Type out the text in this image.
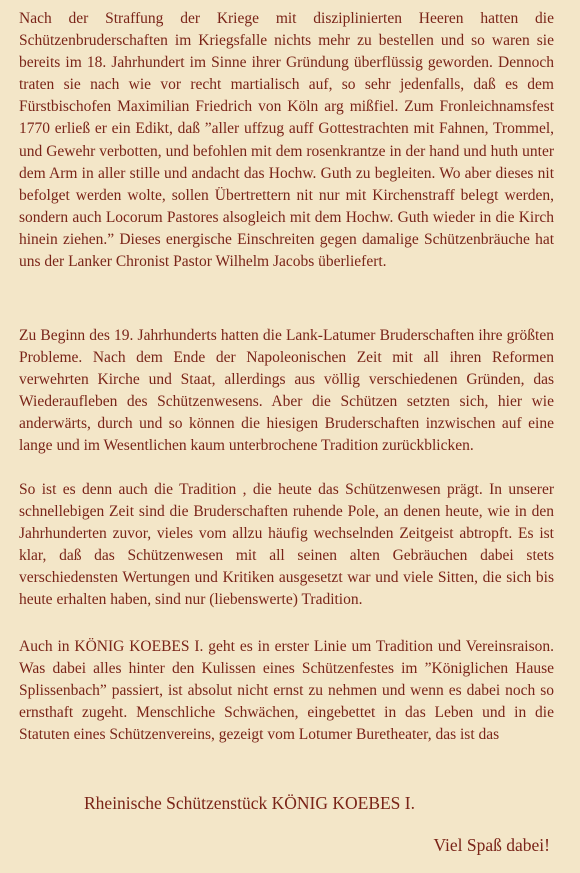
Nach der Straffung der Kriege mit disziplinierten Heeren hatten die Schützenbruderschaften im Kriegsfalle nichts mehr zu bestellen und so waren sie bereits im 18. Jahrhundert im Sinne ihrer Gründung überflüssig geworden. Dennoch traten sie nach wie vor recht martialisch auf, so sehr jedenfalls, daß es dem Fürstbischofen Maximilian Friedrich von Köln arg mißfiel. Zum Fronleichnamsfest 1770 erließ er ein Edikt, daß ”aller uffzug auff Gottestrachten mit Fahnen, Trommel, und Gewehr verbotten, und befohlen mit dem rosenkrantze in der hand und huth unter dem Arm in aller stille und andacht das Hochw. Guth zu begleiten. Wo aber dieses nit befolget werden wolte, sollen Übertrettern nit nur mit Kirchenstraff belegt werden, sondern auch Locorum Pastores alsogleich mit dem Hochw. Guth wieder in die Kirch hinein ziehen.” Dieses energische Einschreiten gegen damalige Schützenbräuche hat uns der Lanker Chronist Pastor Wilhelm Jacobs überliefert.

Zu Beginn des 19. Jahrhunderts hatten die Lank-Latumer Bruderschaften ihre größten Probleme. Nach dem Ende der Napoleonischen Zeit mit all ihren Reformen verwehrten Kirche und Staat, allerdings aus völlig verschiedenen Gründen, das Wiederaufleben des Schützenwesens. Aber die Schützen setzten sich, hier wie anderwärts, durch und so können die hiesigen Bruderschaften inzwischen auf eine lange und im Wesentlichen kaum unterbrochene Tradition zurückblicken.

So ist es denn auch die Tradition , die heute das Schützenwesen prägt. In unserer schnellebigen Zeit sind die Bruderschaften ruhende Pole, an denen heute, wie in den Jahrhunderten zuvor, vieles vom allzu häufig wechselnden Zeitgeist abtropft. Es ist klar, daß das Schützenwesen mit all seinen alten Gebräuchen dabei stets verschiedensten Wertungen und Kritiken ausgesetzt war und viele Sitten, die sich bis heute erhalten haben, sind nur (liebenswerte) Tradition.

Auch in KÖNIG KOEBES I. geht es in erster Linie um Tradition und Vereinsraison. Was dabei alles hinter den Kulissen eines Schützenfestes im ”Königlichen Hause Splissenbach” passiert, ist absolut nicht ernst zu nehmen und wenn es dabei noch so ernsthaft zugeht. Menschliche Schwächen, eingebettet in das Leben und in die Statuten eines Schützenvereins, gezeigt vom Lotumer Buretheater, das ist das

Rheinische Schützenstück KÖNIG KOEBES I.

Viel Spaß dabei!
